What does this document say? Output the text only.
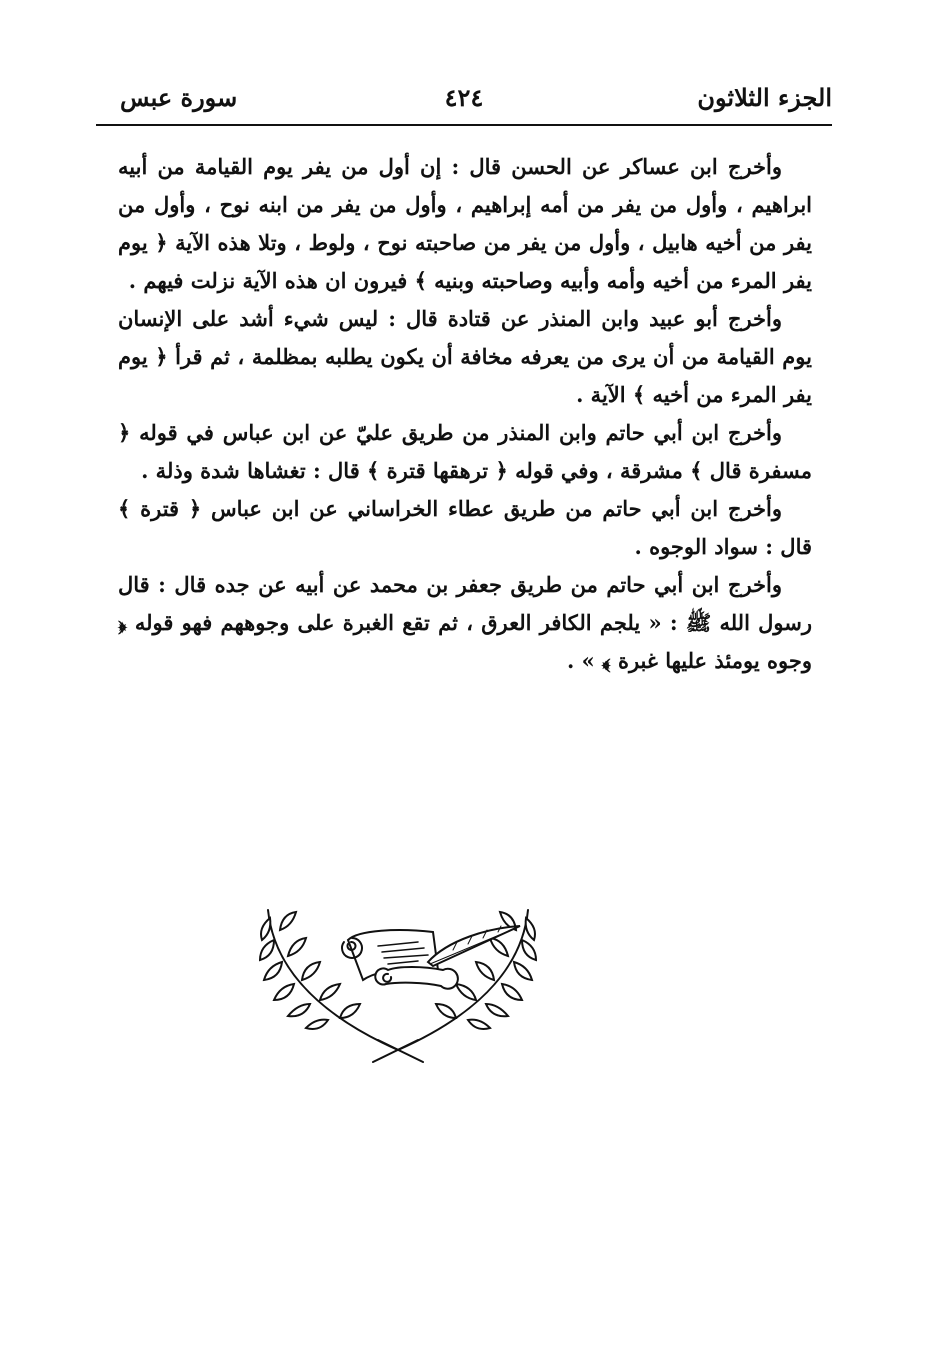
الجزء الثلاثون
٤٢٤
سورة عبس

وأخرج ابن عساكر عن الحسن قال : إن أول من يفر يوم القيامة من أبيه ابراهيم ، وأول من يفر من أمه إبراهيم ، وأول من يفر من ابنه نوح ، وأول من يفر من أخيه هابيل ، وأول من يفر من صاحبته نوح ، ولوط ، وتلا هذه الآية ﴿ يوم يفر المرء من أخيه وأمه وأبيه وصاحبته وبنيه ﴾ فيرون ان هذه الآية نزلت فيهم .

وأخرج أبو عبيد وابن المنذر عن قتادة قال : ليس شيء أشد على الإنسان يوم القيامة من أن يرى من يعرفه مخافة أن يكون يطلبه بمظلمة ، ثم قرأ ﴿ يوم يفر المرء من أخيه ﴾ الآية .

وأخرج ابن أبي حاتم وابن المنذر من طريق عليّ عن ابن عباس في قوله ﴿ مسفرة قال ﴾ مشرقة ، وفي قوله ﴿ ترهقها قترة ﴾ قال : تغشاها شدة وذلة .

وأخرج ابن أبي حاتم من طريق عطاء الخراساني عن ابن عباس ﴿ قترة ﴾ قال : سواد الوجوه .

وأخرج ابن أبي حاتم من طريق جعفر بن محمد عن أبيه عن جده قال : قال رسول الله ﷺ : « يلجم الكافر العرق ، ثم تقع الغبرة على وجوههم فهو قوله ﴿ وجوه يومئذ عليها غبرة ﴾ » .
